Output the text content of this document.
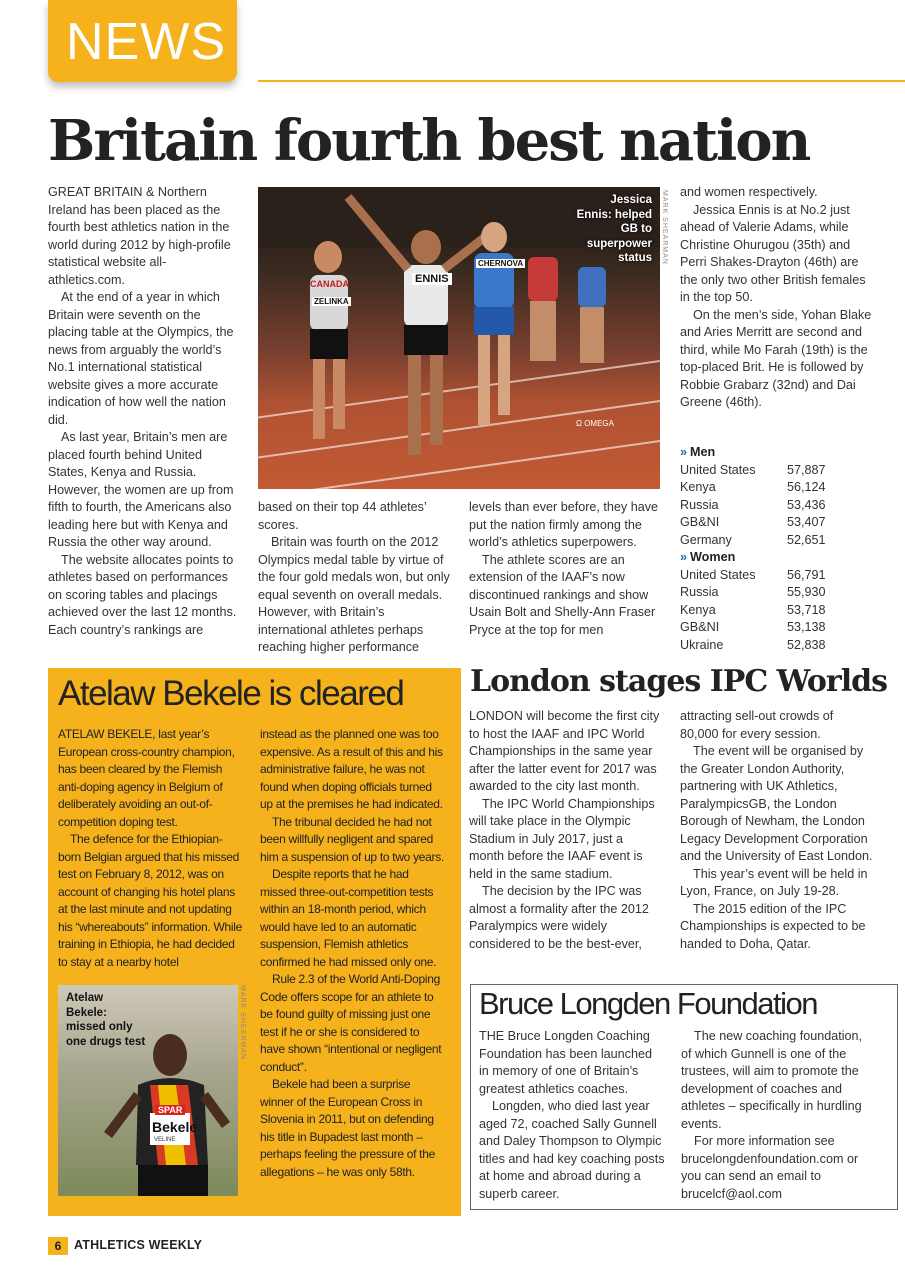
NEWS
Britain fourth best nation

GREAT BRITAIN & Northern Ireland has been placed as the fourth best athletics nation in the world during 2012 by high-profile statistical website all-athletics.com.

At the end of a year in which Britain were seventh on the placing table at the Olympics, the news from arguably the world’s No.1 international statistical website gives a more accurate indication of how well the nation did.

As last year, Britain’s men are placed fourth behind United States, Kenya and Russia. However, the women are up from fifth to fourth, the Americans also leading here but with Kenya and Russia the other way around.

The website allocates points to athletes based on performances on scoring tables and placings achieved over the last 12 months. Each country’s rankings are

CANADA
ZELINKA
ENNIS
CHERNOVA
Ω OMEGA
Jessica Ennis: helped GB to superpower status MARK SHEARMAN

based on their top 44 athletes’ scores.

Britain was fourth on the 2012 Olympics medal table by virtue of the four gold medals won, but only equal seventh on overall medals. However, with Britain’s international athletes perhaps reaching higher performance

levels than ever before, they have put the nation firmly among the world’s athletics superpowers.

The athlete scores are an extension of the IAAF’s now discontinued rankings and show Usain Bolt and Shelly-Ann Fraser Pryce at the top for men

and women respectively.

Jessica Ennis is at No.2 just ahead of Valerie Adams, while Christine Ohurugou (35th) and Perri Shakes-Drayton (46th) are the only two other British females in the top 50.

On the men’s side, Yohan Blake and Aries Merritt are second and third, while Mo Farah (19th) is the top-placed Brit. He is followed by Robbie Grabarz (32nd) and Dai Greene (46th).

» Men
United States	57,887
Kenya	56,124
Russia	53,436
GB&NI	53,407
Germany	52,651
» Women
United States	56,791
Russia	55,930
Kenya	53,718
GB&NI	53,138
Ukraine	52,838
Atelaw Bekele is cleared

ATELAW BEKELE, last year’s European cross-country champion, has been cleared by the Flemish anti-doping agency in Belgium of deliberately avoiding an out-of-competition doping test.

The defence for the Ethiopian-born Belgian argued that his missed test on February 8, 2012, was on account of changing his hotel plans at the last minute and not updating his “whereabouts” information. While training in Ethiopia, he had decided to stay at a nearby hotel

instead as the planned one was too expensive. As a result of this and his administrative failure, he was not found when doping officials turned up at the premises he had indicated.

The tribunal decided he had not been willfully negligent and spared him a suspension of up to two years.

Despite reports that he had missed three-out-competition tests within an 18-month period, which would have led to an automatic suspension, Flemish athletics confirmed he had missed only one.

Rule 2.3 of the World Anti-Doping Code offers scope for an athlete to be found guilty of missing just one test if he or she is considered to have shown “intentional or negligent conduct”.

Bekele had been a surprise winner of the European Cross in Slovenia in 2011, but on defending his title in Bupadest last month – perhaps feeling the pressure of the allegations – he was only 58th.

SPAR
Bekele
VELINE
Atelaw Bekele: missed only one drugs test	MARK SHEARMAN
London stages IPC Worlds

LONDON will become the first city to host the IAAF and IPC World Championships in the same year after the latter event for 2017 was awarded to the city last month.

The IPC World Championships will take place in the Olympic Stadium in July 2017, just a month before the IAAF event is held in the same stadium.

The decision by the IPC was almost a formality after the 2012 Paralympics were widely considered to be the best-ever,

attracting sell-out crowds of 80,000 for every session.

The event will be organised by the Greater London Authority, partnering with UK Athletics, ParalympicsGB, the London Borough of Newham, the London Legacy Development Corporation and the University of East London.

This year’s event will be held in Lyon, France, on July 19-28.

The 2015 edition of the IPC Championships is expected to be handed to Doha, Qatar.

Bruce Longden Foundation

THE Bruce Longden Coaching Foundation has been launched in memory of one of Britain’s greatest athletics coaches.

Longden, who died last year aged 72, coached Sally Gunnell and Daley Thompson to Olympic titles and had key coaching posts at home and abroad during a superb career.

The new coaching foundation, of which Gunnell is one of the trustees, will aim to promote the development of coaches and athletes – specifically in hurdling events.

For more information see brucelongdenfoundation.com or you can send an email to brucelcf@aol.com

6	ATHLETICS WEEKLY
